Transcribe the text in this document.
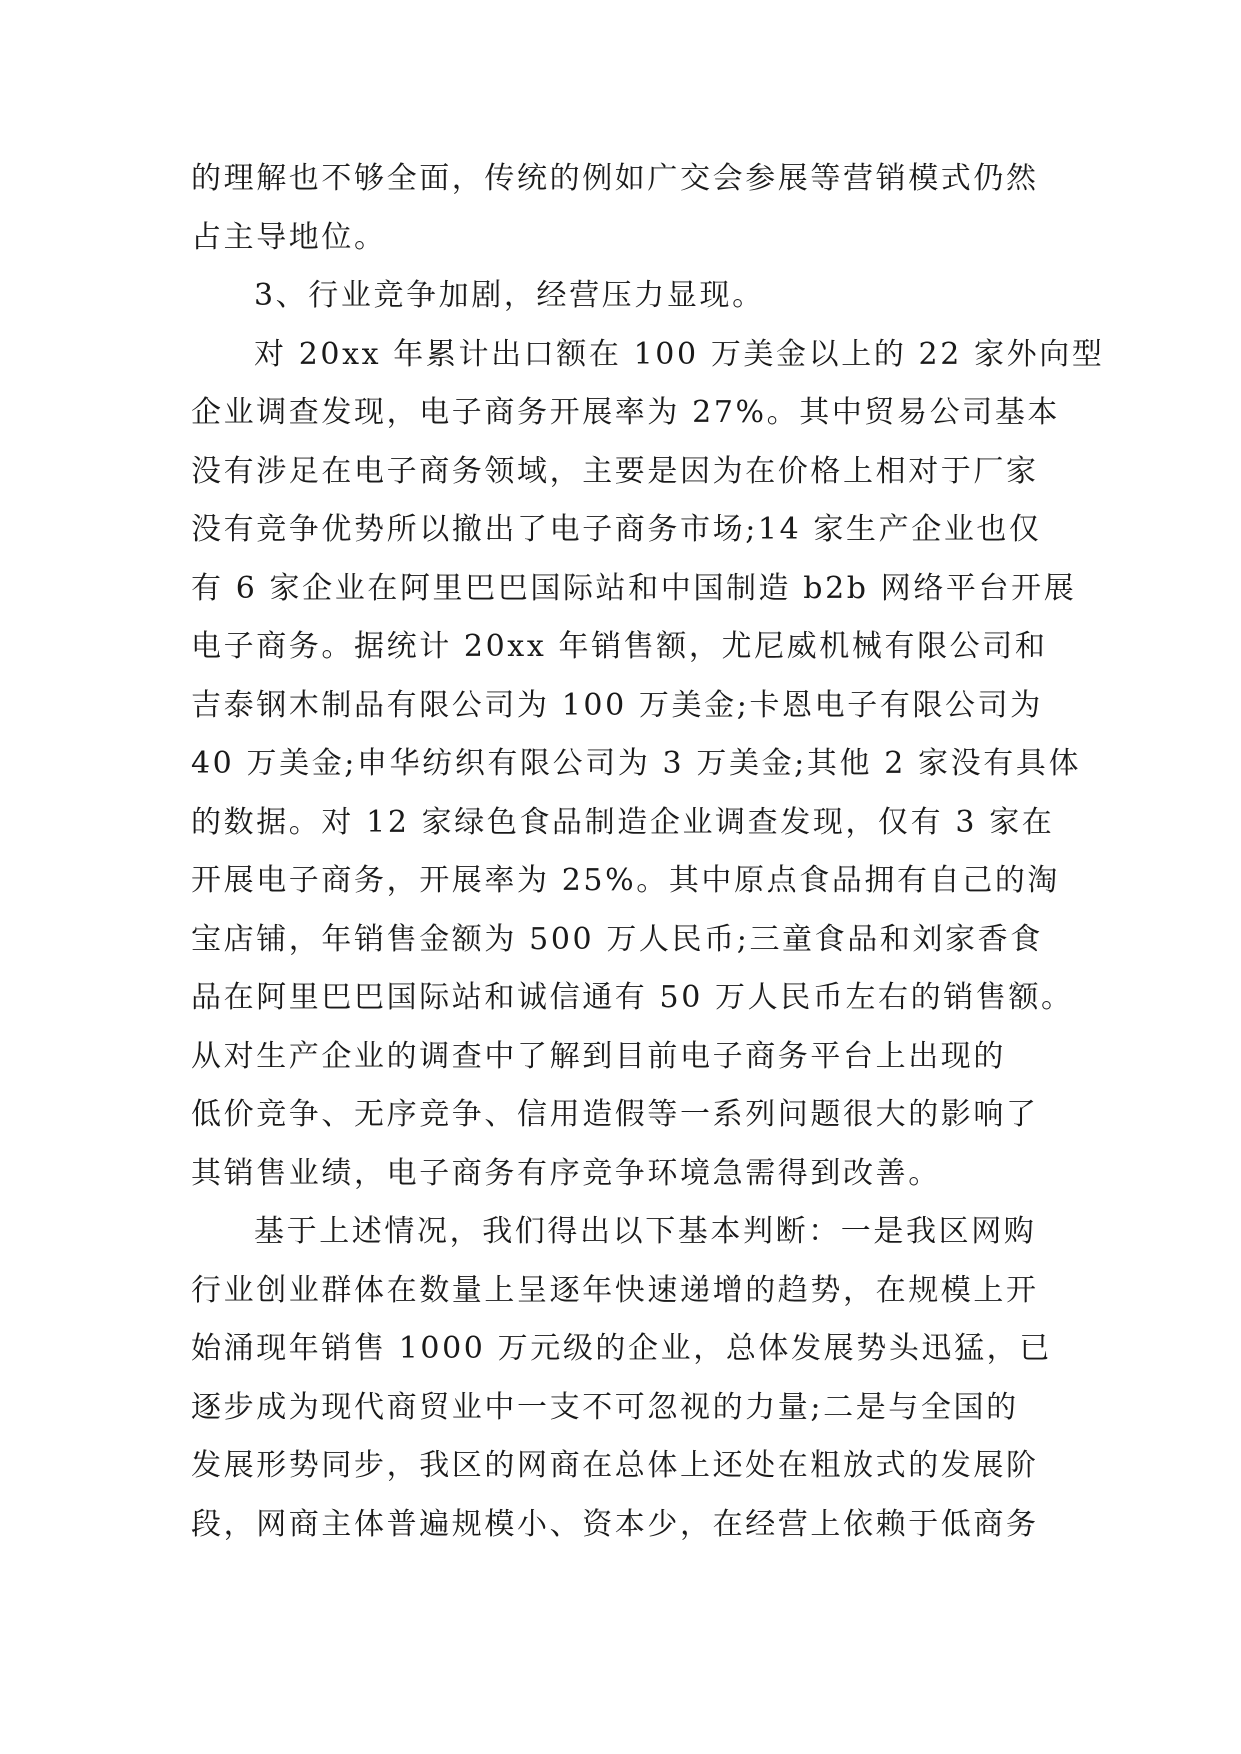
的理解也不够全面，传统的例如广交会参展等营销模式仍然
占主导地位。
3、行业竞争加剧，经营压力显现。
对 20xx 年累计出口额在 100 万美金以上的 22 家外向型
企业调查发现，电子商务开展率为 27%。其中贸易公司基本
没有涉足在电子商务领域，主要是因为在价格上相对于厂家
没有竞争优势所以撤出了电子商务市场;14 家生产企业也仅
有 6 家企业在阿里巴巴国际站和中国制造 b2b 网络平台开展
电子商务。据统计 20xx 年销售额，尤尼威机械有限公司和
吉泰钢木制品有限公司为 100 万美金;卡恩电子有限公司为
40 万美金;申华纺织有限公司为 3 万美金;其他 2 家没有具体
的数据。对 12 家绿色食品制造企业调查发现，仅有 3 家在
开展电子商务，开展率为 25%。其中原点食品拥有自己的淘
宝店铺，年销售金额为 500 万人民币;三童食品和刘家香食
品在阿里巴巴国际站和诚信通有 50 万人民币左右的销售额。
从对生产企业的调查中了解到目前电子商务平台上出现的
低价竞争、无序竞争、信用造假等一系列问题很大的影响了
其销售业绩，电子商务有序竞争环境急需得到改善。
基于上述情况，我们得出以下基本判断：一是我区网购
行业创业群体在数量上呈逐年快速递增的趋势，在规模上开
始涌现年销售 1000 万元级的企业，总体发展势头迅猛，已
逐步成为现代商贸业中一支不可忽视的力量;二是与全国的
发展形势同步，我区的网商在总体上还处在粗放式的发展阶
段，网商主体普遍规模小、资本少，在经营上依赖于低商务
